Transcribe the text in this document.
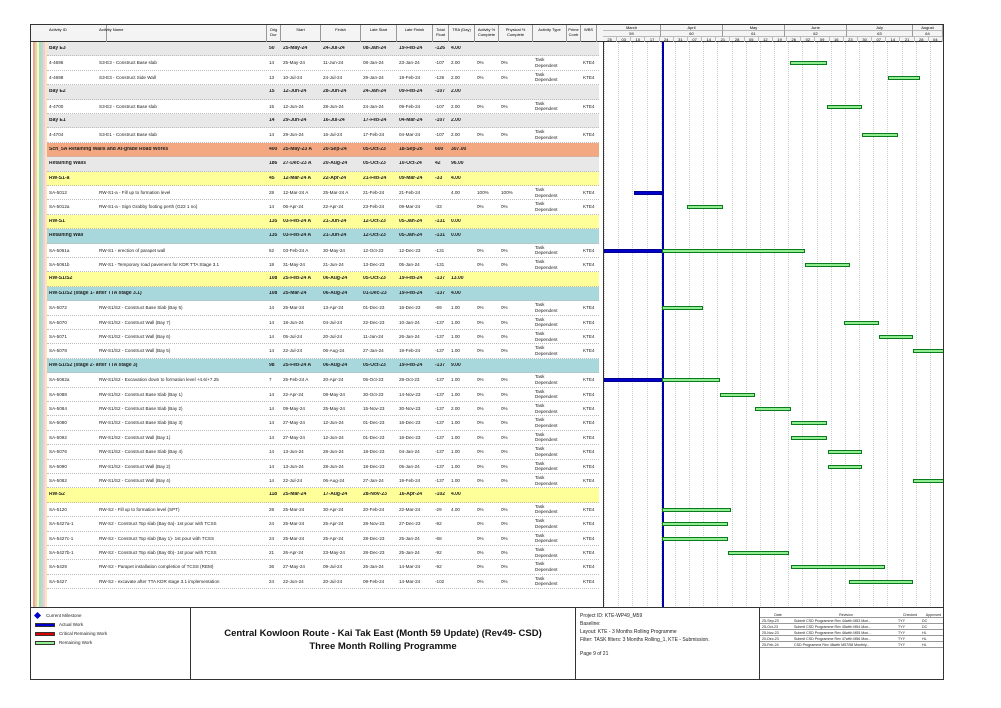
Activity ID	Activity Name	Orig Dur
Start	Finish	Late Start	Late Finish	Total Float
TRA (Day)	Activity % Complete
Physical % Complete
Activity Type	Prime Contr
WBS	March
59
April
60
May
61
June
62
July
63
August
64
25	03	10	17	24	31	07	14	21	28	05	12	19	26	02	09	16	23	30	07	14	21	28	04
Bay E3	50	25-May-24	24-Jul-24	08-Jan-24	19-Feb-24	-126	4.00
4-4696	S3-E3 - Construct Base slab	14	25-May-24	11-Jun-24	08-Jan-24	23-Jan-24	-107	2.00	0%	0%
Task Dependent	KTE4
4-4698	S3-E3 - Construct Side Wall	13	10-Jul-24	24-Jul-24	29-Jan-24	19-Feb-24	-126	2.00	0%	0%
Task Dependent	KTE4
Bay E2	15	12-Jun-24	28-Jun-24	24-Jan-24	09-Feb-24	-107	2.00
4-4700	S3-E2 - Construct Base slab	15	12-Jun-24	28-Jun-24	24-Jan-24	09-Feb-24	-107	2.00	0%	0%
Task Dependent	KTE4
Bay E1	14	29-Jun-24	16-Jul-24	17-Feb-24	04-Mar-24	-107	2.00
4-4704	S3-E1 - Construct Base slab	14	29-Jun-24	16-Jul-24	17-Feb-24	04-Mar-24	-107	2.00	0%	0%
Task Dependent	KTE4
Sch_5A Retaining Walls and At-grade Road Works	400	25-May-23 A	20-Sep-24	05-Oct-23	18-Sep-26	600	307.00
Retaining Walls	186	27-Dec-23 A	20-Aug-24	05-Oct-23	10-Oct-24	42	96.00
RW-S1-a	45	12-Mar-24 A	22-Apr-24	21-Feb-24	09-Mar-24	-33	4.00
SA-5012	RW-S1-a - Fill up to formation level	28	12-Mar-24 A	25-Mar-24 A	21-Feb-24	21-Feb-24	4.00	100%	100%
Task Dependent	KTE4
SA-5012a	RW-S1-a - Sign Grabby footing perth (G22 1 no)	14	06-Apr-24	22-Apr-24	23-Feb-24	09-Mar-24	-33	0%	0%
Task Dependent	KTE4
RW-S1	135	03-Feb-24 A	21-Jun-24	12-Oct-23	05-Jan-24	-131	0.00
Retaining Wall	135	03-Feb-24 A	21-Jun-24	12-Oct-23	05-Jan-24	-131	0.00
SA-5061a	RW-S1 - erection of parapet wall	52	03-Feb-24 A	30-May-24	12-Oct-23	12-Dec-23	-131	0%	0%
Task Dependent	KTE4
SA-5061b	RW-S1 - Temporary road pavement for KDR TTA Stage 3.1	18	31-May-24	21-Jun-24	13-Dec-23	05-Jan-24	-131	0%	0%
Task Dependent	KTE4
RW-S1/S2	108	25-Feb-24 A	06-Aug-24	05-Oct-23	19-Feb-24	-137	13.00
RW-S1/S2 (stage 1- after TTA stage 3.1)	108	25-Mar-24	06-Aug-24	01-Dec-23	19-Feb-24	-137	4.00
SA-5072	RW-S1/S2 - Construct Base Slab (Bay 5)	14	25-Mar-24	13-Apr-24	01-Dec-23	16-Dec-23	-69	1.00	0%	0%
Task Dependent	KTE4
SA-5070	RW-S1/S2 - Construct Wall (Bay 7)	14	18-Jun-24	04-Jul-24	22-Dec-23	10-Jan-24	-137	1.00	0%	0%
Task Dependent	KTE4
SA-5071	RW-S1/S2 - Construct Wall (Bay 6)	14	05-Jul-24	20-Jul-24	11-Jan-24	26-Jan-24	-137	1.00	0%	0%
Task Dependent	KTE4
SA-5078	RW-S1/S2 - Construct Wall (Bay 5)	14	22-Jul-24	06-Aug-24	27-Jan-24	19-Feb-24	-137	1.00	0%	0%
Task Dependent	KTE4
RW-S1/S2 (stage 2- after TTA stage 3)	98	25-Feb-24 A	06-Aug-24	05-Oct-23	19-Feb-24	-137	9.00
SA-5062a	RW-S1/S2 - Excavation down to formation level +4.6/+7.25	7	25-Feb-24 A	20-Apr-24	05-Oct-23	28-Oct-23	-137	1.00	0%	0%
Task Dependent	KTE4
SA-5088	RW-S1/S2 - Construct Base Slab (Bay 1)	14	22-Apr-24	08-May-24	30-Oct-23	14-Nov-23	-137	1.00	0%	0%
Task Dependent	KTE4
SA-5084	RW-S1/S2 - Construct Base Slab (Bay 2)	14	09-May-24	25-May-24	15-Nov-23	30-Nov-23	-137	2.00	0%	0%
Task Dependent	KTE4
SA-5080	RW-S1/S2 - Construct Base Slab (Bay 3)	14	27-May-24	12-Jun-24	01-Dec-23	16-Dec-23	-137	1.00	0%	0%
Task Dependent	KTE4
SA-5092	RW-S1/S2 - Construct Wall (Bay 1)	14	27-May-24	12-Jun-24	01-Dec-23	16-Dec-23	-137	1.00	0%	0%
Task Dependent	KTE4
SA-5076	RW-S1/S2 - Construct Base Slab (Bay 4)	14	13-Jun-24	28-Jun-24	18-Dec-23	04-Jan-24	-137	1.00	0%	0%
Task Dependent	KTE4
SA-5090	RW-S1/S2 - Construct Wall (Bay 2)	14	13-Jun-24	28-Jun-24	18-Dec-23	05-Jan-24	-137	1.00	0%	0%
Task Dependent	KTE4
SA-5082	RW-S1/S2 - Construct Wall (Bay 4)	14	22-Jul-24	06-Aug-24	27-Jan-24	19-Feb-24	-137	1.00	0%	0%
Task Dependent	KTE4
RW-S2	118	25-Mar-24	17-Aug-24	28-Nov-23	16-Apr-24	-102	4.00
SA-5120	RW-S2 - Fill up to formation level (SPT)	28	25-Mar-24	30-Apr-24	20-Feb-24	22-Mar-24	-29	4.00	0%	0%
Task Dependent	KTE4
SA-5427a-1	RW-S2 - Construct Top slab (Bay 0a)- 1st pour with TCSS	24	25-Mar-24	25-Apr-24	28-Nov-23	27-Dec-23	-92	0%	0%
Task Dependent	KTE4
SA-5427c-1	RW-S2 - Construct Top slab (Bay 1)- 1st pour with TCSS	24	25-Mar-24	25-Apr-24	28-Dec-23	25-Jan-24	-68	0%	0%
Task Dependent	KTE4
SA-5427b-1	RW-S2 - Construct Top slab (Bay 0b)- 1st pour with TCSS	21	26-Apr-24	23-May-24	28-Dec-23	25-Jan-24	-92	0%	0%
Task Dependent	KTE4
SA-5429	RW-S2 - Parapet installation completion of TCSS (REM)	36	27-May-24	09-Jul-24	26-Jan-24	14-Mar-24	-92	0%	0%
Task Dependent	KTE4
SA-5427	RW-S2 - excavate after TTA KDR stage 3.1 implementation	24	22-Jun-24	20-Jul-24	09-Feb-24	14-Mar-24	-102	0%	0%
Task Dependent	KTE4
Current Milestone
Actual Work
Critical Remaining Work
Remaining Work
Central Kowloon Route - Kai Tak East (Month 59 Update) (Rev49- CSD)
Three Month Rolling Programme
Project ID: KTE-WP49_M59
Baseline:
Layout: KTE - 3 Months Rolling Programme
Filter: TASK filters: 3 Months Rolling_1, KTE - Submission.
Page 9 of 21
Date	Revision	Checked	Approved
25-Sep-23	Submit CSD Programme Rev 44with M53 Mon...	TYY	DC
25-Oct-23	Submit CSD Programme Rev 45with M54 Mon...	TYY	DC
25-Nov-23	Submit CSD Programme Rev 46with M55 Mon...	TYY	HL
20-Dec-23	Submit CSD Programme Rev 47with M56 Mon...	TYY	HL
25-Feb-24	CSD Programme Rev 48with M57/58 Monthly...	TYY	HL
